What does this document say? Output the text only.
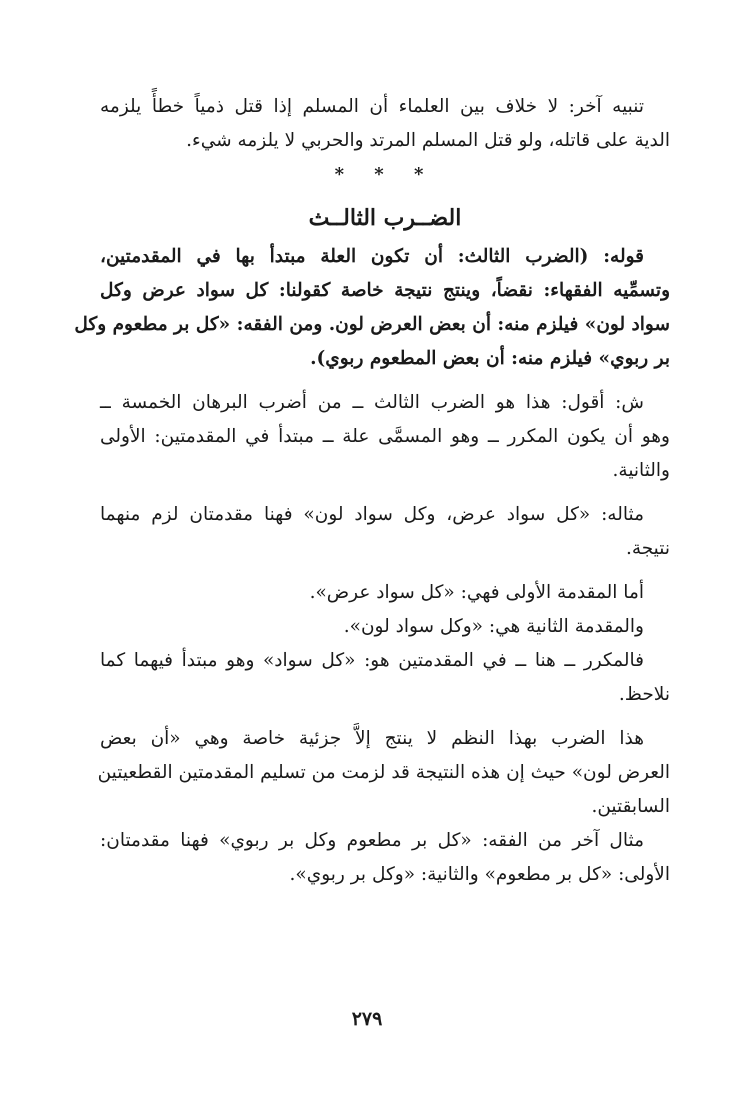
تنبيه آخر: لا خلاف بين العلماء أن المسلم إذا قتل ذمياً خطأً يلزمه

الدية على قاتله، ولو قتل المسلم المرتد والحربي لا يلزمه شيء.

* * *

الضــرب الثالــث

قوله: (الضرب الثالث: أن تكون العلة مبتدأ بها في المقدمتين،

وتسمِّيه الفقهاء: نقضاً، وينتج نتيجة خاصة كقولنا: كل سواد عرض وكل

سواد لون» فيلزم منه: أن بعض العرض لون. ومن الفقه: «كل بر مطعوم وكل

بر ربوي» فيلزم منه: أن بعض المطعوم ربوي).

ش: أقول: هذا هو الضرب الثالث ــ من أضرب البرهان الخمسة ــ

وهو أن يكون المكرر ــ وهو المسمَّى علة ــ مبتدأ في المقدمتين: الأولى

والثانية.

مثاله: «كل سواد عرض، وكل سواد لون» فهنا مقدمتان لزم منهما

نتيجة.

أما المقدمة الأولى فهي: «كل سواد عرض».

والمقدمة الثانية هي: «وكل سواد لون».

فالمكرر ــ هنا ــ في المقدمتين هو: «كل سواد» وهو مبتدأ فيهما كما

نلاحظ.

هذا الضرب بهذا النظم لا ينتج إلاَّ جزئية خاصة وهي «أن بعض

العرض لون» حيث إن هذه النتيجة قد لزمت من تسليم المقدمتين القطعيتين

السابقتين.

مثال آخر من الفقه: «كل بر مطعوم وكل بر ربوي» فهنا مقدمتان:

الأولى: «كل بر مطعوم» والثانية: «وكل بر ربوي».

٢٧٩
